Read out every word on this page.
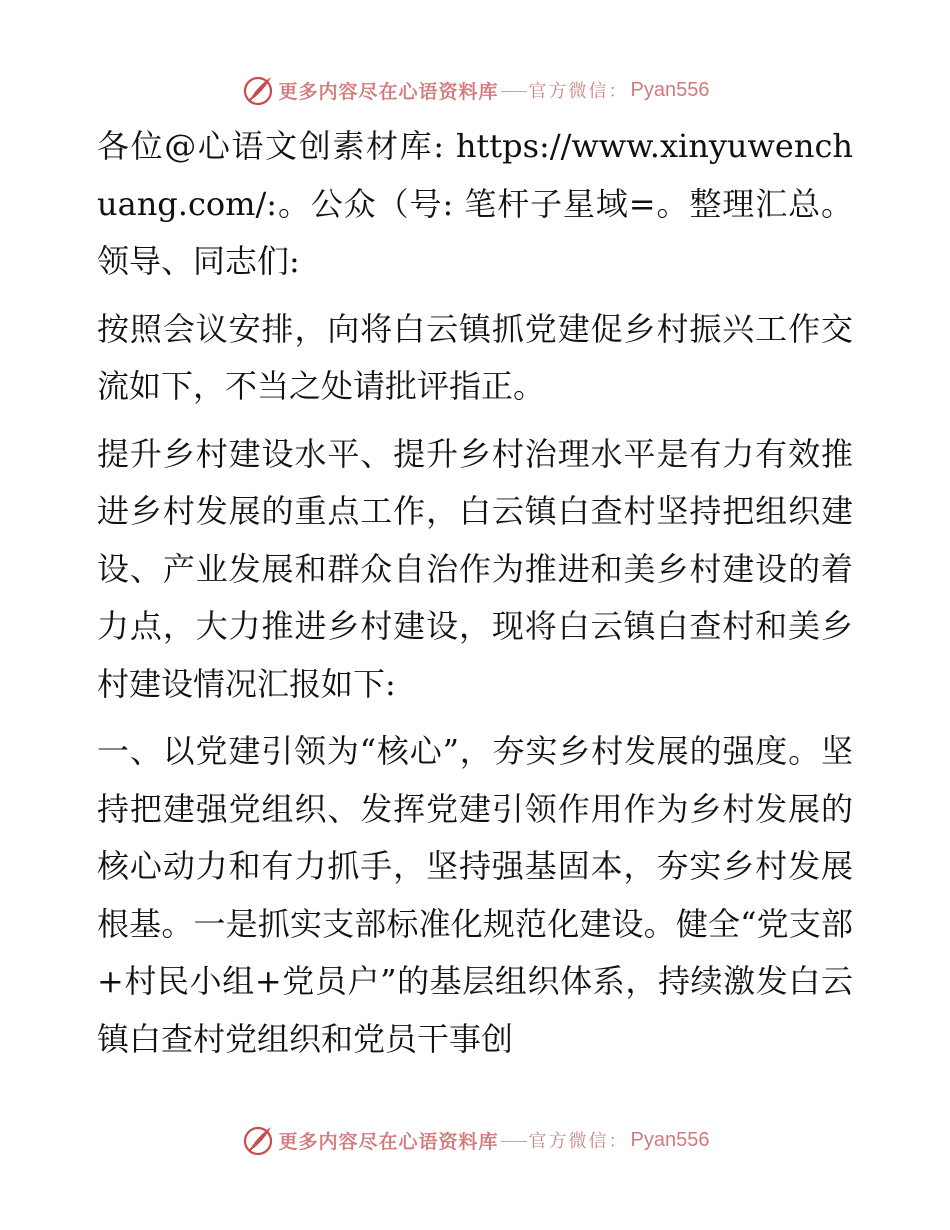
更多内容尽在心语资料库 官方微信： Pyan556

各位@心语文创素材库: https://www.xinyuwenchuang.com/:。公众（号: 笔杆子星域=。整理汇总。领导、同志们:

按照会议安排，向将白云镇抓党建促乡村振兴工作交流如下，不当之处请批评指正。

提升乡村建设水平、提升乡村治理水平是有力有效推进乡村发展的重点工作，白云镇白查村坚持把组织建设、产业发展和群众自治作为推进和美乡村建设的着力点，大力推进乡村建设，现将白云镇白查村和美乡村建设情况汇报如下:

一、以党建引领为“核心”，夯实乡村发展的强度。坚持把建强党组织、发挥党建引领作用作为乡村发展的核心动力和有力抓手，坚持强基固本，夯实乡村发展根基。一是抓实支部标准化规范化建设。健全“党支部+村民小组+党员户”的基层组织体系，持续激发白云镇白查村党组织和党员干事创

更多内容尽在心语资料库 官方微信： Pyan556
